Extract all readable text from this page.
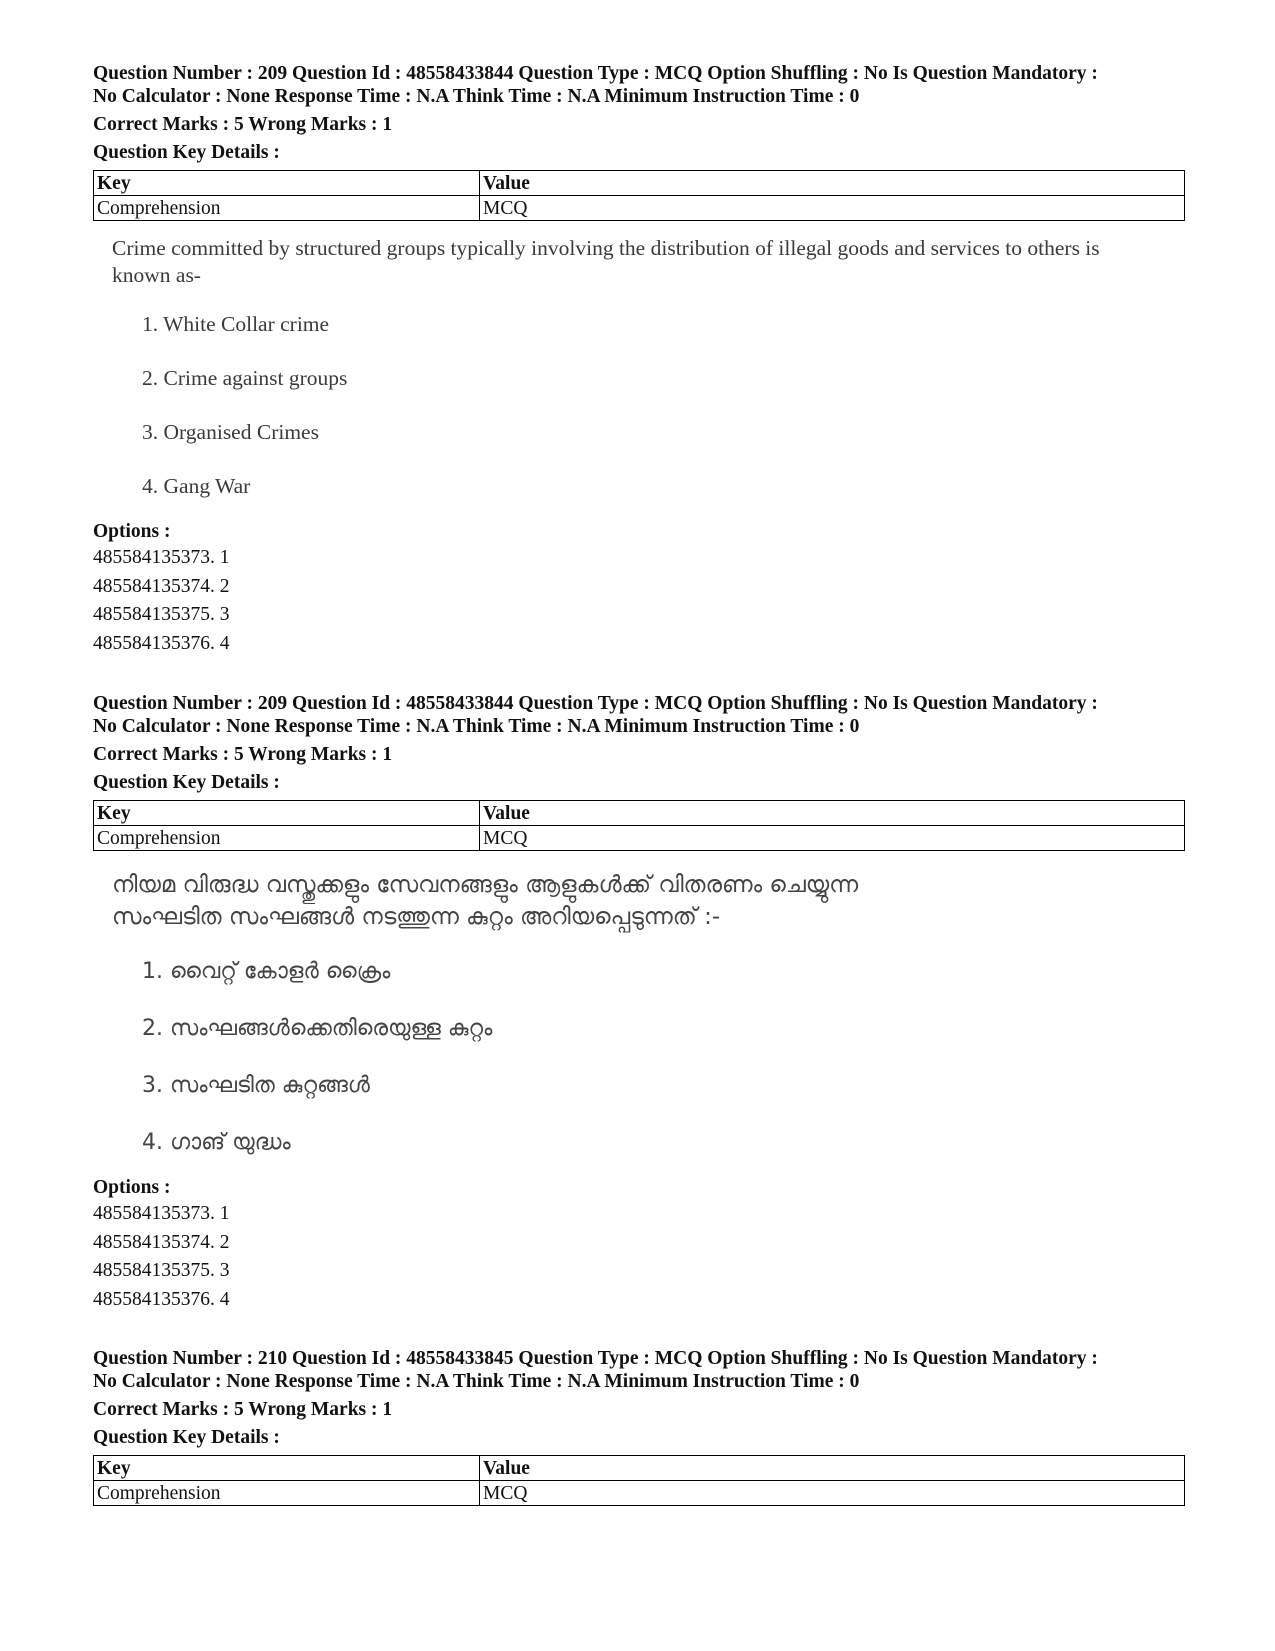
Question Number : 209 Question Id : 48558433844 Question Type : MCQ Option Shuffling : No Is Question Mandatory :

No Calculator : None Response Time : N.A Think Time : N.A Minimum Instruction Time : 0

Correct Marks : 5 Wrong Marks : 1

Question Key Details :

Key	Value
Comprehension	MCQ

Crime committed by structured groups typically involving the distribution of illegal goods and services to others is known as-

1. White Collar crime
2. Crime against groups
3. Organised Crimes
4. Gang War

Options :

485584135373. 1

485584135374. 2

485584135375. 3

485584135376. 4

Question Number : 209 Question Id : 48558433844 Question Type : MCQ Option Shuffling : No Is Question Mandatory :

No Calculator : None Response Time : N.A Think Time : N.A Minimum Instruction Time : 0

Correct Marks : 5 Wrong Marks : 1

Question Key Details :

Key	Value
Comprehension	MCQ

നിയമ വിരുദ്ധ വസ്തുക്കളും സേവനങ്ങളും ആളുകൾക്ക് വിതരണം ചെയ്യുന്ന

സംഘടിത സംഘങ്ങൾ നടത്തുന്ന കുറ്റം അറിയപ്പെടുന്നത് :-

1. വൈറ്റ് കോളർ ക്രൈം
2. സംഘങ്ങൾക്കെതിരെയുള്ള കുറ്റം
3. സംഘടിത കുറ്റങ്ങൾ
4. ഗാങ് യുദ്ധം

Options :

485584135373. 1

485584135374. 2

485584135375. 3

485584135376. 4

Question Number : 210 Question Id : 48558433845 Question Type : MCQ Option Shuffling : No Is Question Mandatory :

No Calculator : None Response Time : N.A Think Time : N.A Minimum Instruction Time : 0

Correct Marks : 5 Wrong Marks : 1

Question Key Details :

Key	Value
Comprehension	MCQ
